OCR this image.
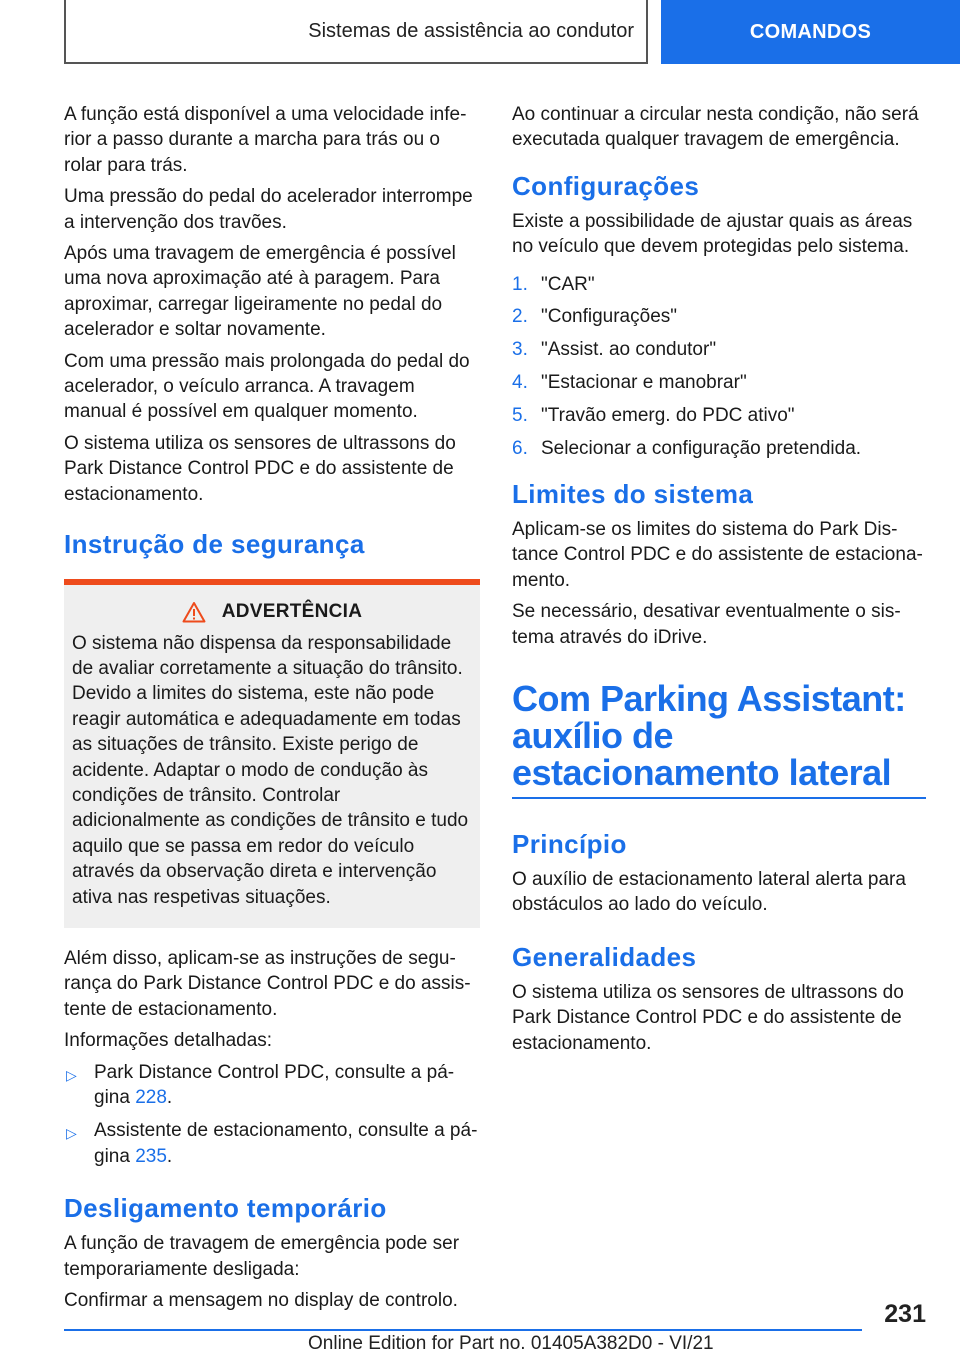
Sistemas de assistência ao condutor	COMANDOS

A função está disponível a uma velocidade inferior a passo durante a marcha para trás ou o rolar para trás.

Uma pressão do pedal do acelerador interrompe a intervenção dos travões.

Após uma travagem de emergência é possível uma nova aproximação até à paragem. Para aproximar, carregar ligeiramente no pedal do acelerador e soltar novamente.

Com uma pressão mais prolongada do pedal do acelerador, o veículo arranca. A travagem manual é possível em qualquer momento.

O sistema utiliza os sensores de ultrassons do Park Distance Control PDC e do assistente de estacionamento.

Instrução de segurança
ADVERTÊNCIA

O sistema não dispensa da responsabilidade de avaliar corretamente a situação do trânsito. Devido a limites do sistema, este não pode reagir automática e adequadamente em todas as situações de trânsito. Existe perigo de acidente. Adaptar o modo de condução às condições de trânsito. Controlar adicionalmente as condições de trânsito e tudo aquilo que se passa em redor do veículo através da observação direta e intervenção ativa nas respetivas situações.

Além disso, aplicam-se as instruções de segurança do Park Distance Control PDC e do assistente de estacionamento.

Informações detalhadas:

▷ Park Distance Control PDC, consulte a página 228.
▷ Assistente de estacionamento, consulte a página 235.
Desligamento temporário

A função de travagem de emergência pode ser temporariamente desligada:

Confirmar a mensagem no display de controlo.

Ao continuar a circular nesta condição, não será executada qualquer travagem de emergência.

Configurações

Existe a possibilidade de ajustar quais as áreas no veículo que devem protegidas pelo sistema.

1. "CAR"
2. "Configurações"
3. "Assist. ao condutor"
4. "Estacionar e manobrar"
5. "Travão emerg. do PDC ativo"
6. Selecionar a configuração pretendida.
Limites do sistema

Aplicam-se os limites do sistema do Park Distance Control PDC e do assistente de estacionamento.

Se necessário, desativar eventualmente o sistema através do iDrive.

Com Parking Assistant: auxílio de estacionamento lateral
Princípio

O auxílio de estacionamento lateral alerta para obstáculos ao lado do veículo.

Generalidades

O sistema utiliza os sensores de ultrassons do Park Distance Control PDC e do assistente de estacionamento.

231
Online Edition for Part no. 01405A382D0 - VI/21
